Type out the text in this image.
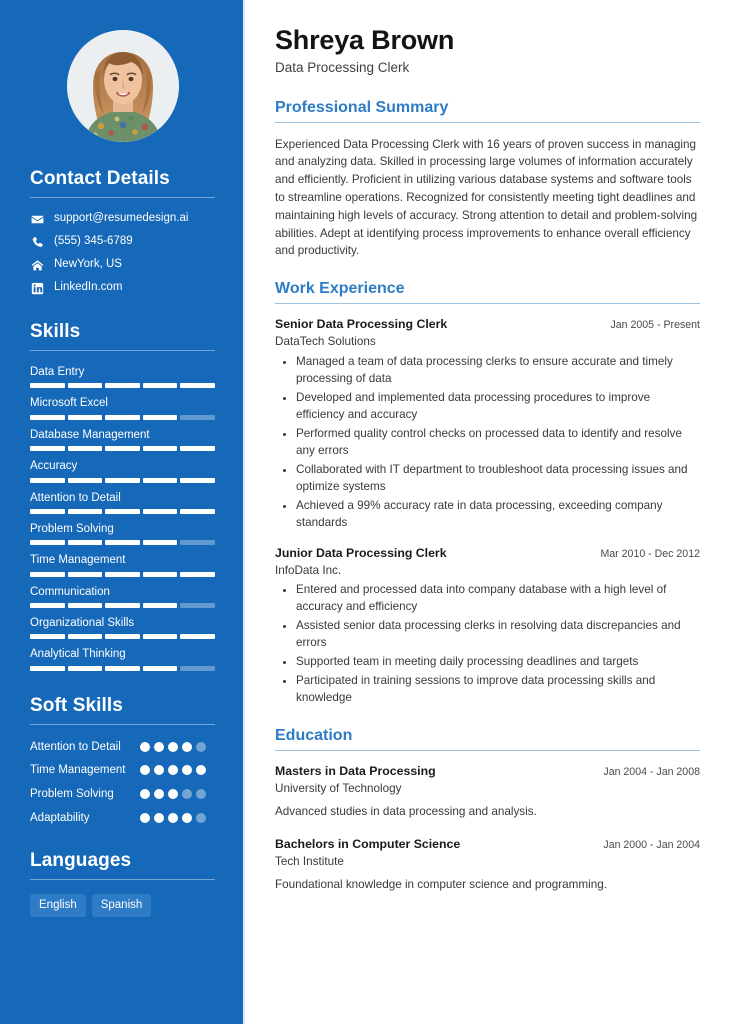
Contact Details
support@resumedesign.ai
(555) 345-6789
NewYork, US
LinkedIn.com
Skills
Data Entry
Microsoft Excel
Database Management
Accuracy
Attention to Detail
Problem Solving
Time Management
Communication
Organizational Skills
Analytical Thinking
Soft Skills
Attention to Detail
Time Management
Problem Solving
Adaptability
Languages
English	Spanish
Shreya Brown
Data Processing Clerk
Professional Summary

Experienced Data Processing Clerk with 16 years of proven success in managing and analyzing data. Skilled in processing large volumes of information accurately and efficiently. Proficient in utilizing various database systems and software tools to streamline operations. Recognized for consistently meeting tight deadlines and maintaining high levels of accuracy. Strong attention to detail and problem-solving abilities. Adept at identifying process improvements to enhance overall efficiency and productivity.

Work Experience
Senior Data Processing Clerk	Jan 2005 - Present
DataTech Solutions
• Managed a team of data processing clerks to ensure accurate and timely processing of data
• Developed and implemented data processing procedures to improve efficiency and accuracy
• Performed quality control checks on processed data to identify and resolve any errors
• Collaborated with IT department to troubleshoot data processing issues and optimize systems
• Achieved a 99% accuracy rate in data processing, exceeding company standards
Junior Data Processing Clerk	Mar 2010 - Dec 2012
InfoData Inc.
• Entered and processed data into company database with a high level of accuracy and efficiency
• Assisted senior data processing clerks in resolving data discrepancies and errors
• Supported team in meeting daily processing deadlines and targets
• Participated in training sessions to improve data processing skills and knowledge
Education
Masters in Data Processing	Jan 2004 - Jan 2008
University of Technology
Advanced studies in data processing and analysis.
Bachelors in Computer Science	Jan 2000 - Jan 2004
Tech Institute
Foundational knowledge in computer science and programming.
